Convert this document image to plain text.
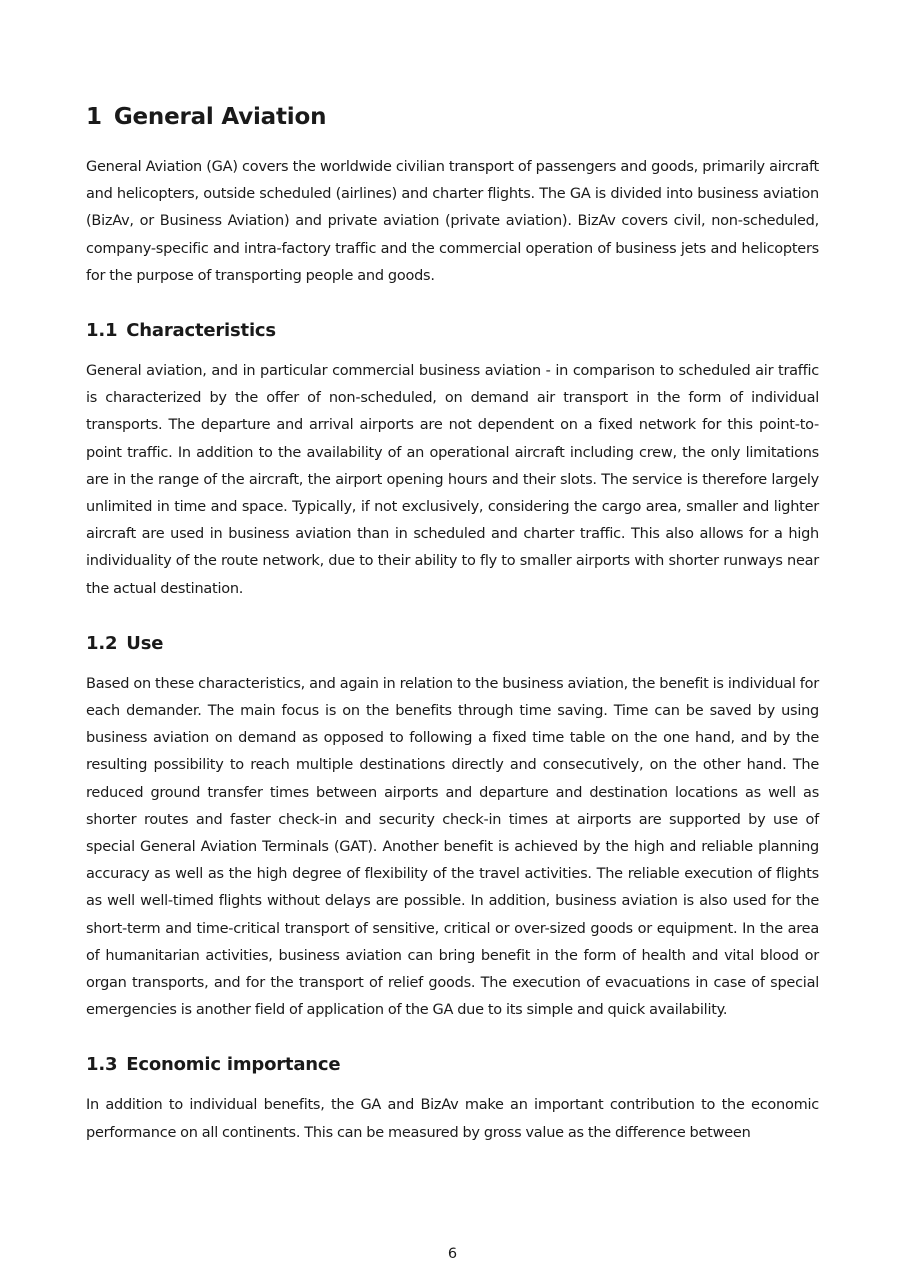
1 General Aviation

General Aviation (GA) covers the worldwide civilian transport of passengers and goods, primarily aircraft and helicopters, outside scheduled (airlines) and charter flights. The GA is divided into business aviation (BizAv, or Business Aviation) and private aviation (private aviation). BizAv covers civil, non-scheduled, company-specific and intra-factory traffic and the commercial operation of business jets and helicopters for the purpose of transporting people and goods.

1.1 Characteristics

General aviation, and in particular commercial business aviation - in comparison to scheduled air traffic is characterized by the offer of non-scheduled, on demand air transport in the form of individual transports. The departure and arrival airports are not dependent on a fixed network for this point-to-point traffic. In addition to the availability of an operational aircraft including crew, the only limitations are in the range of the aircraft, the airport opening hours and their slots. The service is therefore largely unlimited in time and space. Typically, if not exclusively, considering the cargo area, smaller and lighter aircraft are used in business aviation than in scheduled and charter traffic. This also allows for a high individuality of the route network, due to their ability to fly to smaller airports with shorter runways near the actual destination.

1.2 Use

Based on these characteristics, and again in relation to the business aviation, the benefit is individual for each demander. The main focus is on the benefits through time saving. Time can be saved by using business aviation on demand as opposed to following a fixed time table on the one hand, and by the resulting possibility to reach multiple destinations directly and consecutively, on the other hand. The reduced ground transfer times between airports and departure and destination locations as well as shorter routes and faster check-in and security check-in times at airports are supported by use of special General Aviation Terminals (GAT). Another benefit is achieved by the high and reliable planning accuracy as well as the high degree of flexibility of the travel activities. The reliable execution of flights as well well-timed flights without delays are possible. In addition, business aviation is also used for the short-term and time-critical transport of sensitive, critical or over-sized goods or equipment. In the area of humanitarian activities, business aviation can bring benefit in the form of health and vital blood or organ transports, and for the transport of relief goods. The execution of evacuations in case of special emergencies is another field of application of the GA due to its simple and quick availability.

1.3 Economic importance

In addition to individual benefits, the GA and BizAv make an important contribution to the economic performance on all continents. This can be measured by gross value as the difference between

6
